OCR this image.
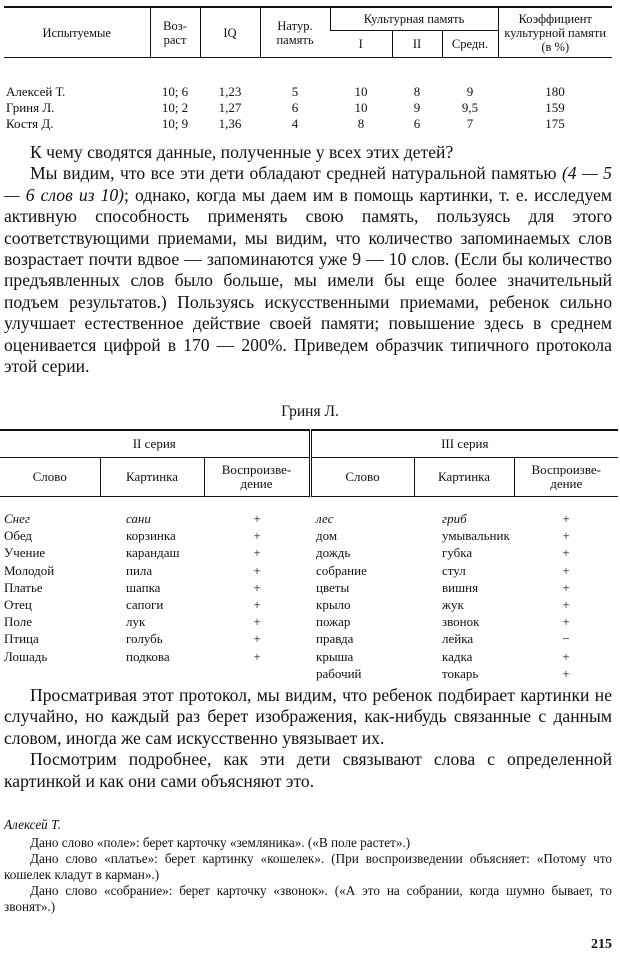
Испытуемые	Воз-раст	IQ	Натур. память	Культурная память			Коэффициент культурной памяти (в %)
				I	II	Средн.	
Алексей Т.	10; 6	1,23	5	10	8	9	180
Гриня Л.	10; 2	1,27	6	10	9	9,5	159
Костя Д.	10; 9	1,36	4	8	6	7	175

К чему сводятся данные, полученные у всех этих детей?

Мы видим, что все эти дети обладают средней натуральной памятью (4 — 5— 6 слов из 10); однако, когда мы даем им в помощь картинки, т. е. исследуем активную способность применять свою память, пользуясь для этого соответствующими приемами, мы видим, что количество запоминаемых слов возрастает почти вдвое — запоминаются уже 9 — 10 слов. (Если бы количество предъявленных слов было больше, мы имели бы еще более значительный подъем результатов.) Пользуясь искусственными приемами, ребенок сильно улучшает естественное действие своей памяти; повышение здесь в среднем оценивается цифрой в 170 — 200%. Приведем образчик типичного протокола этой серии.

Гриня Л.
II серия			III серия		
Слово	Картинка	Воспроизве-дение	Слово	Картинка	Воспроизве-дение
Снег	сани	+	лес	гриб	+
Обед	корзинка	+	дом	умывальник	+
Учение	карандаш	+	дождь	губка	+
Молодой	пила	+	собрание	стул	+
Платье	шапка	+	цветы	вишня	+
Отец	сапоги	+	крыло	жук	+
Поле	лук	+	пожар	звонок	+
Птица	голубь	+	правда	лейка	−
Лошадь	подкова	+	крыша	кадка	+
			рабочий	токарь	+

Просматривая этот протокол, мы видим, что ребенок подбирает картинки не случайно, но каждый раз берет изображения, как-нибудь связанные с данным словом, иногда же сам искусственно увязывает их.

Посмотрим подробнее, как эти дети связывают слова с определенной картинкой и как они сами объясняют это.

Алексей Т.

Дано слово «поле»: берет карточку «земляника». («В поле растет».)

Дано слово «платье»: берет картинку «кошелек». (При воспроизведении объясняет: «Потому что кошелек кладут в карман».)

Дано слово «собрание»: берет карточку «звонок». («А это на собрании, когда шумно бывает, то звонят».)

215
